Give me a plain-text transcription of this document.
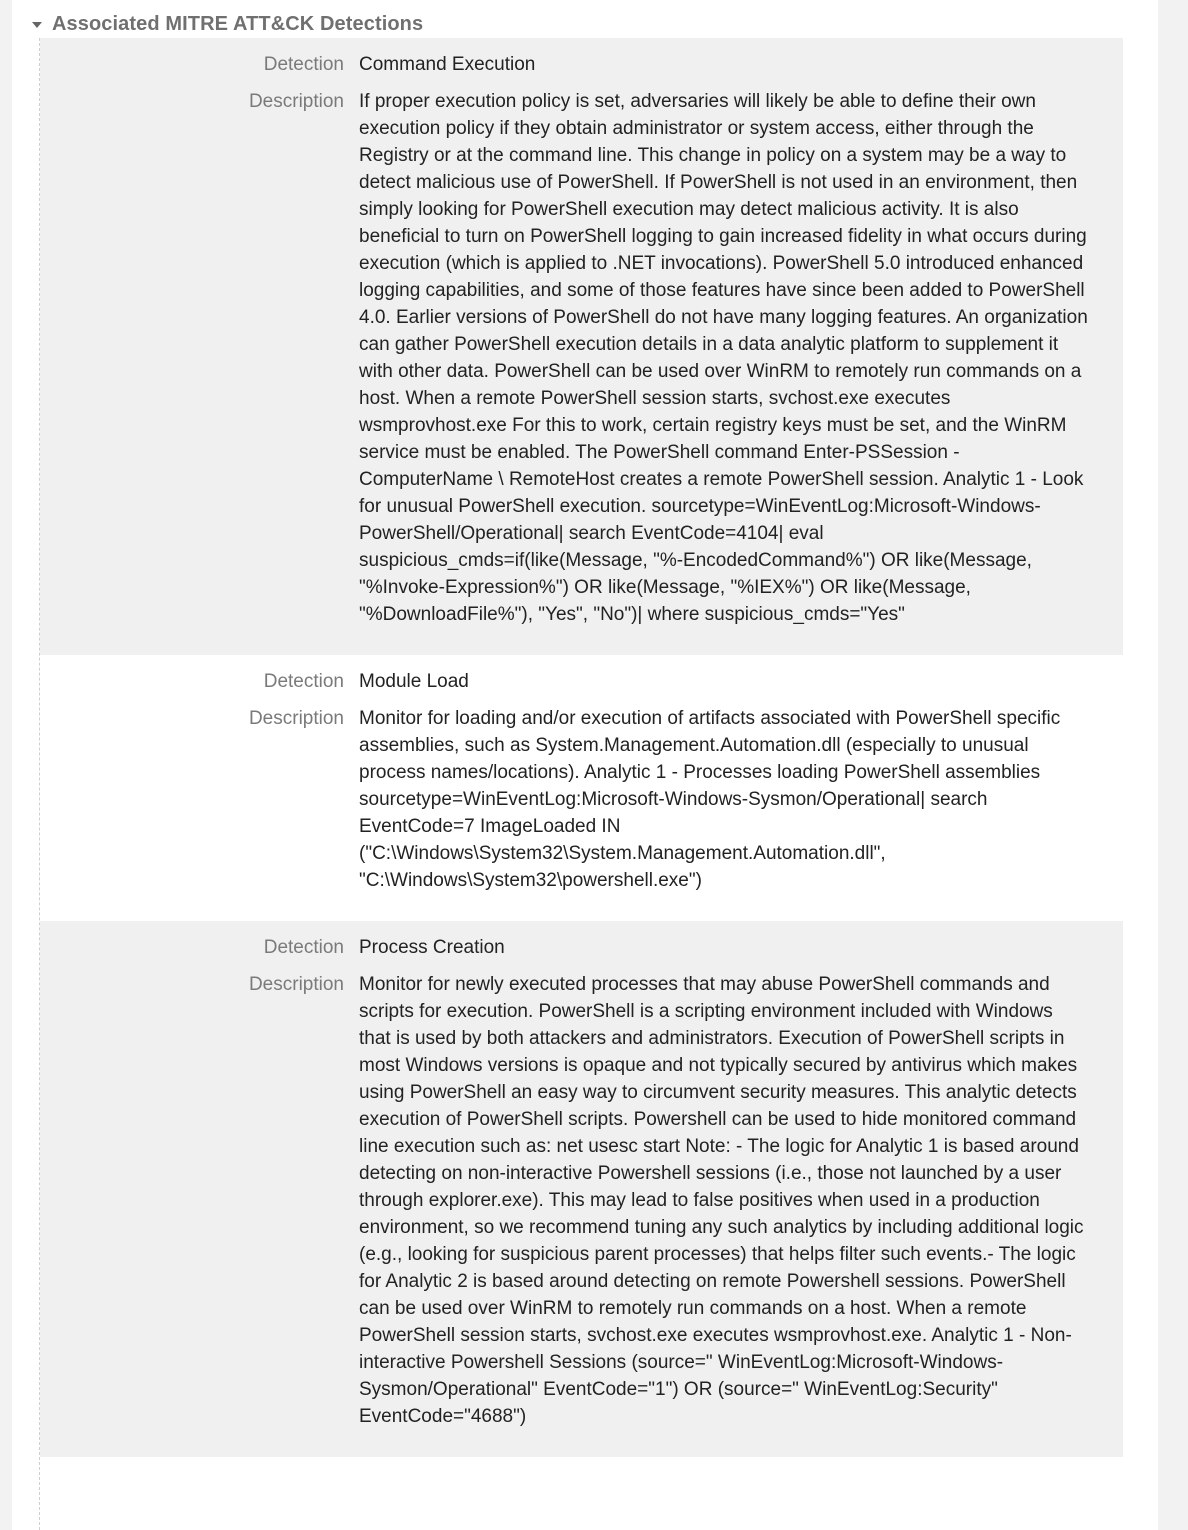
Associated MITRE ATT&CK Detections
Detection Command Execution
Description If proper execution policy is set, adversaries will likely be able to define their own execution policy if they obtain administrator or system access, either through the Registry or at the command line. This change in policy on a system may be a way to detect malicious use of PowerShell. If PowerShell is not used in an environment, then simply looking for PowerShell execution may detect malicious activity. It is also beneficial to turn on PowerShell logging to gain increased fidelity in what occurs during execution (which is applied to .NET invocations). PowerShell 5.0 introduced enhanced logging capabilities, and some of those features have since been added to PowerShell 4.0. Earlier versions of PowerShell do not have many logging features. An organization can gather PowerShell execution details in a data analytic platform to supplement it with other data. PowerShell can be used over WinRM to remotely run commands on a host. When a remote PowerShell session starts, svchost.exe executes wsmprovhost.exe For this to work, certain registry keys must be set, and the WinRM service must be enabled. The PowerShell command Enter-PSSession -ComputerName \ RemoteHost creates a remote PowerShell session. Analytic 1 - Look for unusual PowerShell execution. sourcetype=WinEventLog:Microsoft-Windows-PowerShell/Operational| search EventCode=4104| eval suspicious_cmds=if(like(Message, "%-EncodedCommand%") OR like(Message, "%Invoke-Expression%") OR like(Message, "%IEX%") OR like(Message, "%DownloadFile%"), "Yes", "No")| where suspicious_cmds="Yes"
Detection Module Load
Description Monitor for loading and/or execution of artifacts associated with PowerShell specific assemblies, such as System.Management.Automation.dll (especially to unusual process names/locations). Analytic 1 - Processes loading PowerShell assemblies sourcetype=WinEventLog:Microsoft-Windows-Sysmon/Operational| search EventCode=7 ImageLoaded IN ("C:\Windows\System32\System.Management.Automation.dll", "C:\Windows\System32\powershell.exe")
Detection Process Creation
Description Monitor for newly executed processes that may abuse PowerShell commands and scripts for execution. PowerShell is a scripting environment included with Windows that is used by both attackers and administrators. Execution of PowerShell scripts in most Windows versions is opaque and not typically secured by antivirus which makes using PowerShell an easy way to circumvent security measures. This analytic detects execution of PowerShell scripts. Powershell can be used to hide monitored command line execution such as: net usesc start Note: - The logic for Analytic 1 is based around detecting on non-interactive Powershell sessions (i.e., those not launched by a user through explorer.exe). This may lead to false positives when used in a production environment, so we recommend tuning any such analytics by including additional logic (e.g., looking for suspicious parent processes) that helps filter such events.- The logic for Analytic 2 is based around detecting on remote Powershell sessions. PowerShell can be used over WinRM to remotely run commands on a host. When a remote PowerShell session starts, svchost.exe executes wsmprovhost.exe. Analytic 1 - Non-interactive Powershell Sessions (source=" WinEventLog:Microsoft-Windows-Sysmon/Operational" EventCode="1") OR (source=" WinEventLog:Security" EventCode="4688")
